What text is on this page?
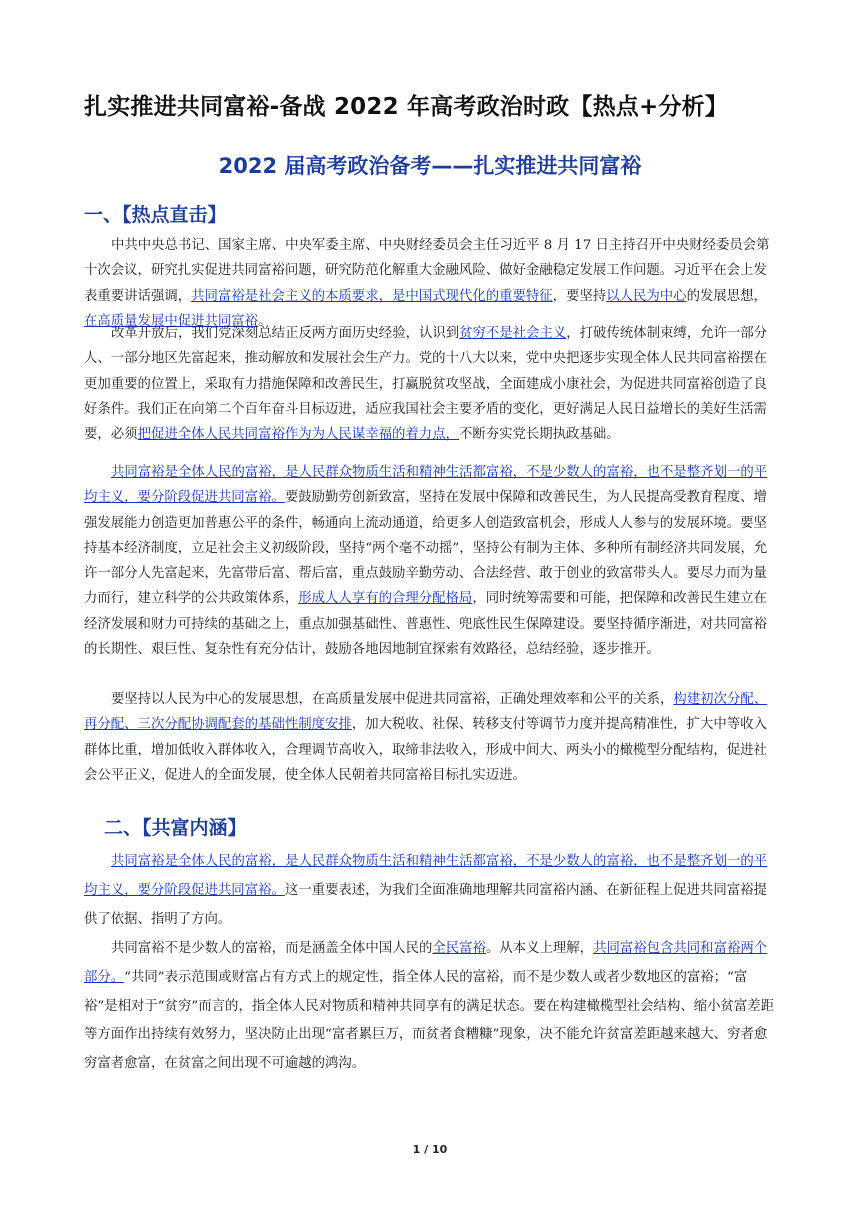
扎实推进共同富裕-备战 2022 年高考政治时政【热点+分析】
2022 届高考政治备考——扎实推进共同富裕
一、【热点直击】
中共中央总书记、国家主席、中央军委主席、中央财经委员会主任习近平 8 月 17 日主持召开中央财经委员会第十次会议，研究扎实促进共同富裕问题，研究防范化解重大金融风险、做好金融稳定发展工作问题。习近平在会上发表重要讲话强调，共同富裕是社会主义的本质要求，是中国式现代化的重要特征，要坚持以人民为中心的发展思想，在高质量发展中促进共同富裕。
改革开放后，我们党深刻总结正反两方面历史经验，认识到贫穷不是社会主义，打破传统体制束缚，允许一部分人、一部分地区先富起来，推动解放和发展社会生产力。党的十八大以来，党中央把逐步实现全体人民共同富裕摆在更加重要的位置上，采取有力措施保障和改善民生，打赢脱贫攻坚战，全面建成小康社会，为促进共同富裕创造了良好条件。我们正在向第二个百年奋斗目标迈进，适应我国社会主要矛盾的变化，更好满足人民日益增长的美好生活需要，必须把促进全体人民共同富裕作为为人民谋幸福的着力点，不断夯实党长期执政基础。
共同富裕是全体人民的富裕，是人民群众物质生活和精神生活都富裕，不是少数人的富裕，也不是整齐划一的平均主义，要分阶段促进共同富裕。要鼓励勤劳创新致富，坚持在发展中保障和改善民生，为人民提高受教育程度、增强发展能力创造更加普惠公平的条件，畅通向上流动通道，给更多人创造致富机会，形成人人参与的发展环境。要坚持基本经济制度，立足社会主义初级阶段，坚持“两个毫不动摇”，坚持公有制为主体、多种所有制经济共同发展，允许一部分人先富起来，先富带后富、帮后富，重点鼓励辛勤劳动、合法经营、敢于创业的致富带头人。要尽力而为量力而行，建立科学的公共政策体系，形成人人享有的合理分配格局，同时统筹需要和可能，把保障和改善民生建立在经济发展和财力可持续的基础之上，重点加强基础性、普惠性、兜底性民生保障建设。要坚持循序渐进，对共同富裕的长期性、艰巨性、复杂性有充分估计，鼓励各地因地制宜探索有效路径，总结经验，逐步推开。
要坚持以人民为中心的发展思想，在高质量发展中促进共同富裕，正确处理效率和公平的关系，构建初次分配、再分配、三次分配协调配套的基础性制度安排，加大税收、社保、转移支付等调节力度并提高精准性，扩大中等收入群体比重，增加低收入群体收入，合理调节高收入，取缔非法收入，形成中间大、两头小的橄榄型分配结构，促进社会公平正义，促进人的全面发展，使全体人民朝着共同富裕目标扎实迈进。
二、【共富内涵】
共同富裕是全体人民的富裕，是人民群众物质生活和精神生活都富裕，不是少数人的富裕，也不是整齐划一的平均主义，要分阶段促进共同富裕。这一重要表述，为我们全面准确地理解共同富裕内涵、在新征程上促进共同富裕提供了依据、指明了方向。
共同富裕不是少数人的富裕，而是涵盖全体中国人民的全民富裕。从本义上理解，共同富裕包含共同和富裕两个部分。“共同”表示范围或财富占有方式上的规定性，指全体人民的富裕，而不是少数人或者少数地区的富裕；“富裕”是相对于“贫穷”而言的，指全体人民对物质和精神共同享有的满足状态。要在构建橄榄型社会结构、缩小贫富差距等方面作出持续有效努力，坚决防止出现“富者累巨万，而贫者食糟糠”现象，决不能允许贫富差距越来越大、穷者愈穷富者愈富，在贫富之间出现不可逾越的鸿沟。
1 / 10
